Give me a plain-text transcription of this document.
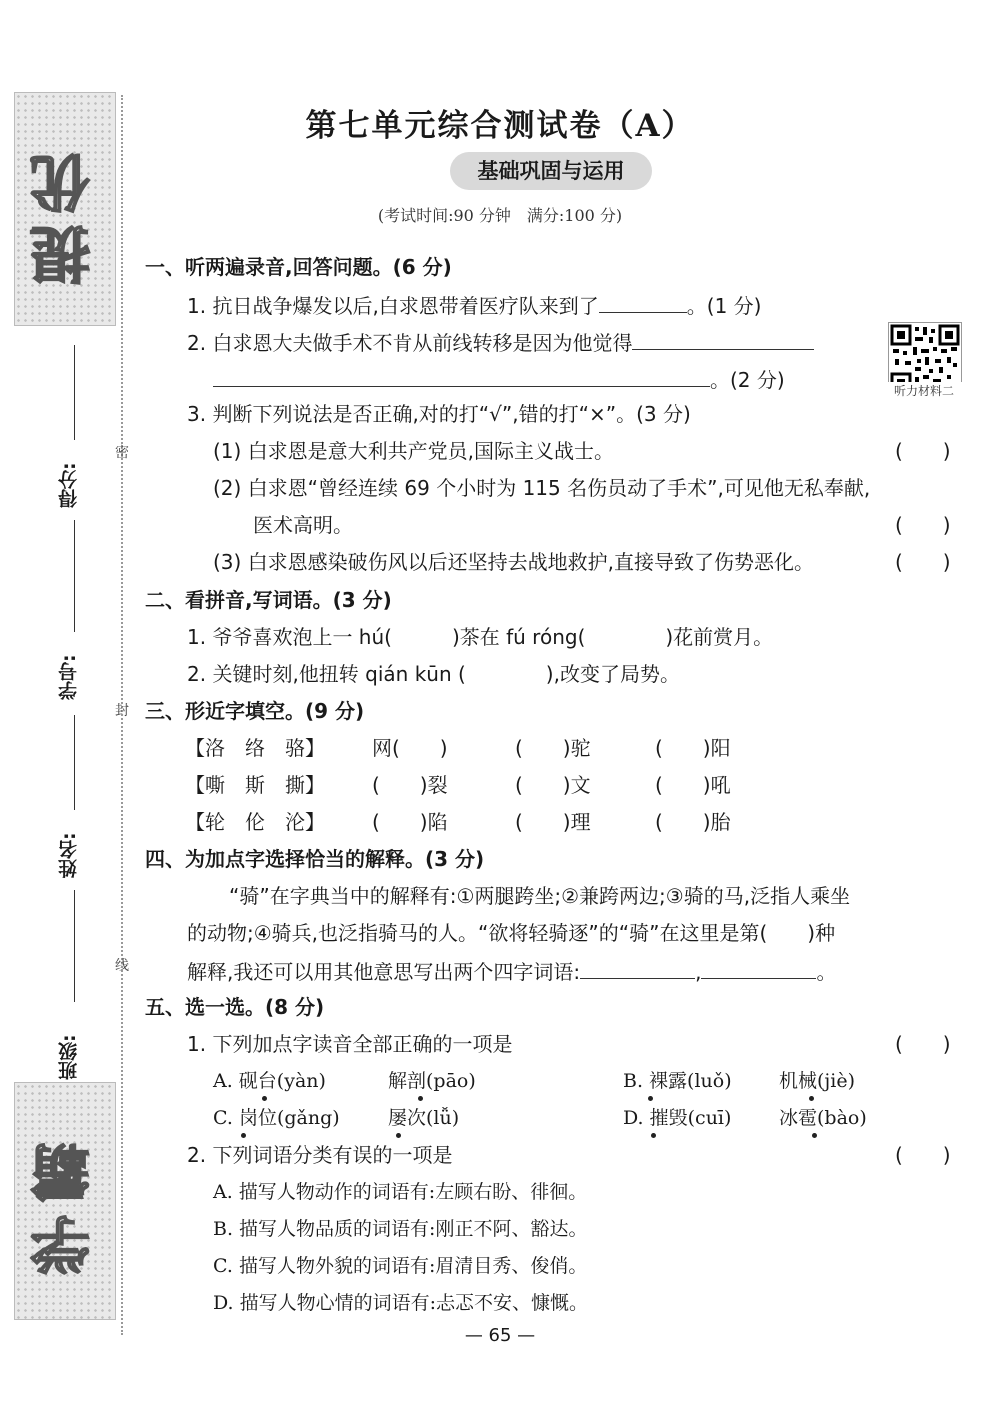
提优
学霸
密
封
线
得分:
学号:
姓名:
班级:
第七单元综合测试卷（A）
基础巩固与运用
(考试时间:90 分钟　满分:100 分)
听力材料二
一、听两遍录音,回答问题。(6 分)
1. 抗日战争爆发以后,白求恩带着医疗队来到了	。(1 分)
2. 白求恩大夫做手术不肯从前线转移是因为他觉得
。(2 分)
3. 判断下列说法是否正确,对的打“√”,错的打“×”。(3 分)
(1) 白求恩是意大利共产党员,国际主义战士。	(　　)
(2) 白求恩“曾经连续 69 个小时为 115 名伤员动了手术”,可见他无私奉献,
医术高明。	(　　)
(3) 白求恩感染破伤风以后还坚持去战地救护,直接导致了伤势恶化。	(　　)
二、看拼音,写词语。(3 分)
1. 爷爷喜欢泡上一 hú(　　　)茶在 fú róng(　　　　)花前赏月。
2. 关键时刻,他扭转 qián kūn (　　　　),改变了局势。
三、形近字填空。(9 分)
【洛　络　骆】 网(　　)	(　　)驼	(　　)阳
【嘶　斯　撕】 (　　)裂	(　　)文	(　　)吼
【轮　伦　沦】 (　　)陷	(　　)理	(　　)胎
四、为加点字选择恰当的解释。(3 分)
“骑”在字典当中的解释有:①两腿跨坐;②兼跨两边;③骑的马,泛指人乘坐
的动物;④骑兵,也泛指骑马的人。“欲将轻骑逐”的“骑”在这里是第(　　)种
解释,我还可以用其他意思写出两个四字词语:	,	。
五、选一选。(8 分)
1. 下列加点字读音全部正确的一项是	(　　)
A. 砚台(yàn)	解剖(pāo)	B. 裸露(luǒ) 机械(jiè)
C. 岗位(gǎng)	屡次(lǚ)	D. 摧毁(cuī)	冰雹(bào)
2. 下列词语分类有误的一项是	(　　)
A. 描写人物动作的词语有:左顾右盼、徘徊。
B. 描写人物品质的词语有:刚正不阿、豁达。
C. 描写人物外貌的词语有:眉清目秀、俊俏。
D. 描写人物心情的词语有:忐忑不安、慷慨。
— 65 —
